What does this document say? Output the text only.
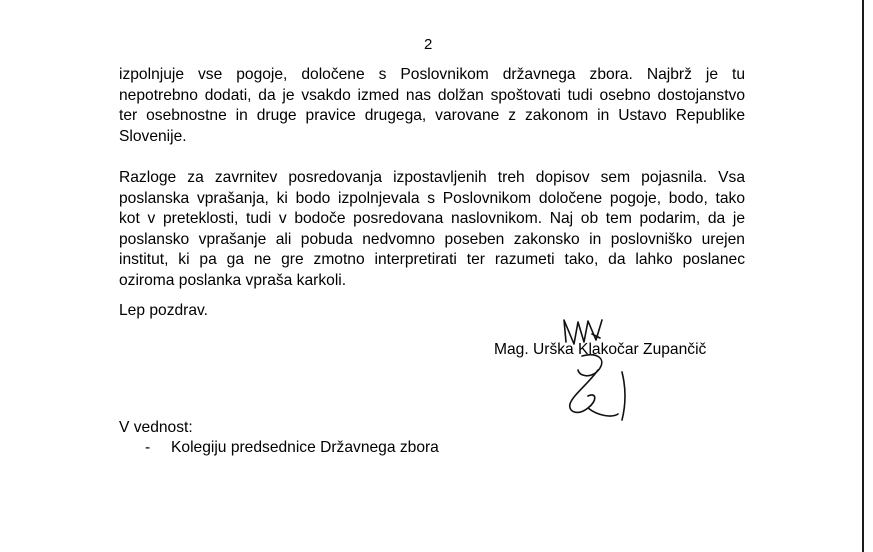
2
izpolnjuje vse pogoje, določene s Poslovnikom državnega zbora. Najbrž je tu
nepotrebno dodati, da je vsakdo izmed nas dolžan spoštovati tudi osebno dostojanstvo
ter osebnostne in druge pravice drugega, varovane z zakonom in Ustavo Republike
Slovenije.
Razloge za zavrnitev posredovanja izpostavljenih treh dopisov sem pojasnila. Vsa
poslanska vprašanja, ki bodo izpolnjevala s Poslovnikom določene pogoje, bodo, tako
kot v preteklosti, tudi v bodoče posredovana naslovnikom. Naj ob tem podarim, da je
poslansko vprašanje ali pobuda nedvomno poseben zakonsko in poslovniško urejen
institut, ki pa ga ne gre zmotno interpretirati ter razumeti tako, da lahko poslanec
oziroma poslanka vpraša karkoli.
Lep pozdrav.
Mag. Urška Klakočar Zupančič
V vednost:
- Kolegiju predsednice Državnega zbora
